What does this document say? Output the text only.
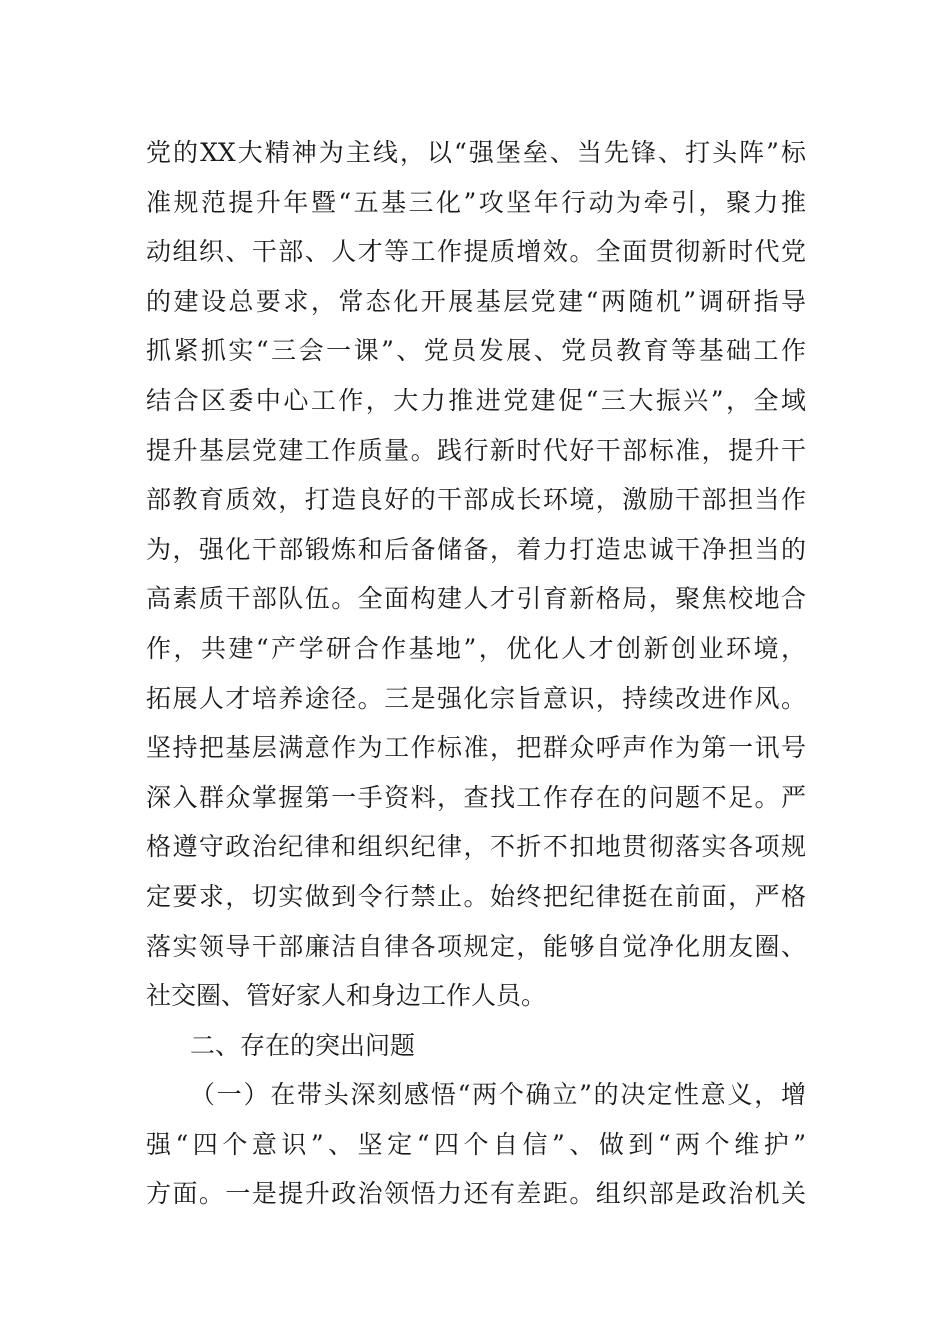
党的XX大精神为主线，以“强堡垒、当先锋、打头阵”标
准规范提升年暨“五基三化”攻坚年行动为牵引，聚力推
动组织、干部、人才等工作提质增效。全面贯彻新时代党
的建设总要求，常态化开展基层党建“两随机”调研指导
抓紧抓实“三会一课”、党员发展、党员教育等基础工作
结合区委中心工作，大力推进党建促“三大振兴”，全域
提升基层党建工作质量。践行新时代好干部标准，提升干
部教育质效，打造良好的干部成长环境，激励干部担当作
为，强化干部锻炼和后备储备，着力打造忠诚干净担当的
高素质干部队伍。全面构建人才引育新格局，聚焦校地合
作，共建“产学研合作基地”，优化人才创新创业环境，
拓展人才培养途径。三是强化宗旨意识，持续改进作风。
坚持把基层满意作为工作标准，把群众呼声作为第一讯号
深入群众掌握第一手资料，查找工作存在的问题不足。严
格遵守政治纪律和组织纪律，不折不扣地贯彻落实各项规
定要求，切实做到令行禁止。始终把纪律挺在前面，严格
落实领导干部廉洁自律各项规定，能够自觉净化朋友圈、
社交圈、管好家人和身边工作人员。
二、存在的突出问题
（一）在带头深刻感悟“两个确立”的决定性意义，增
强“四个意识”、坚定“四个自信”、做到“两个维护”
方面。一是提升政治领悟力还有差距。组织部是政治机关
